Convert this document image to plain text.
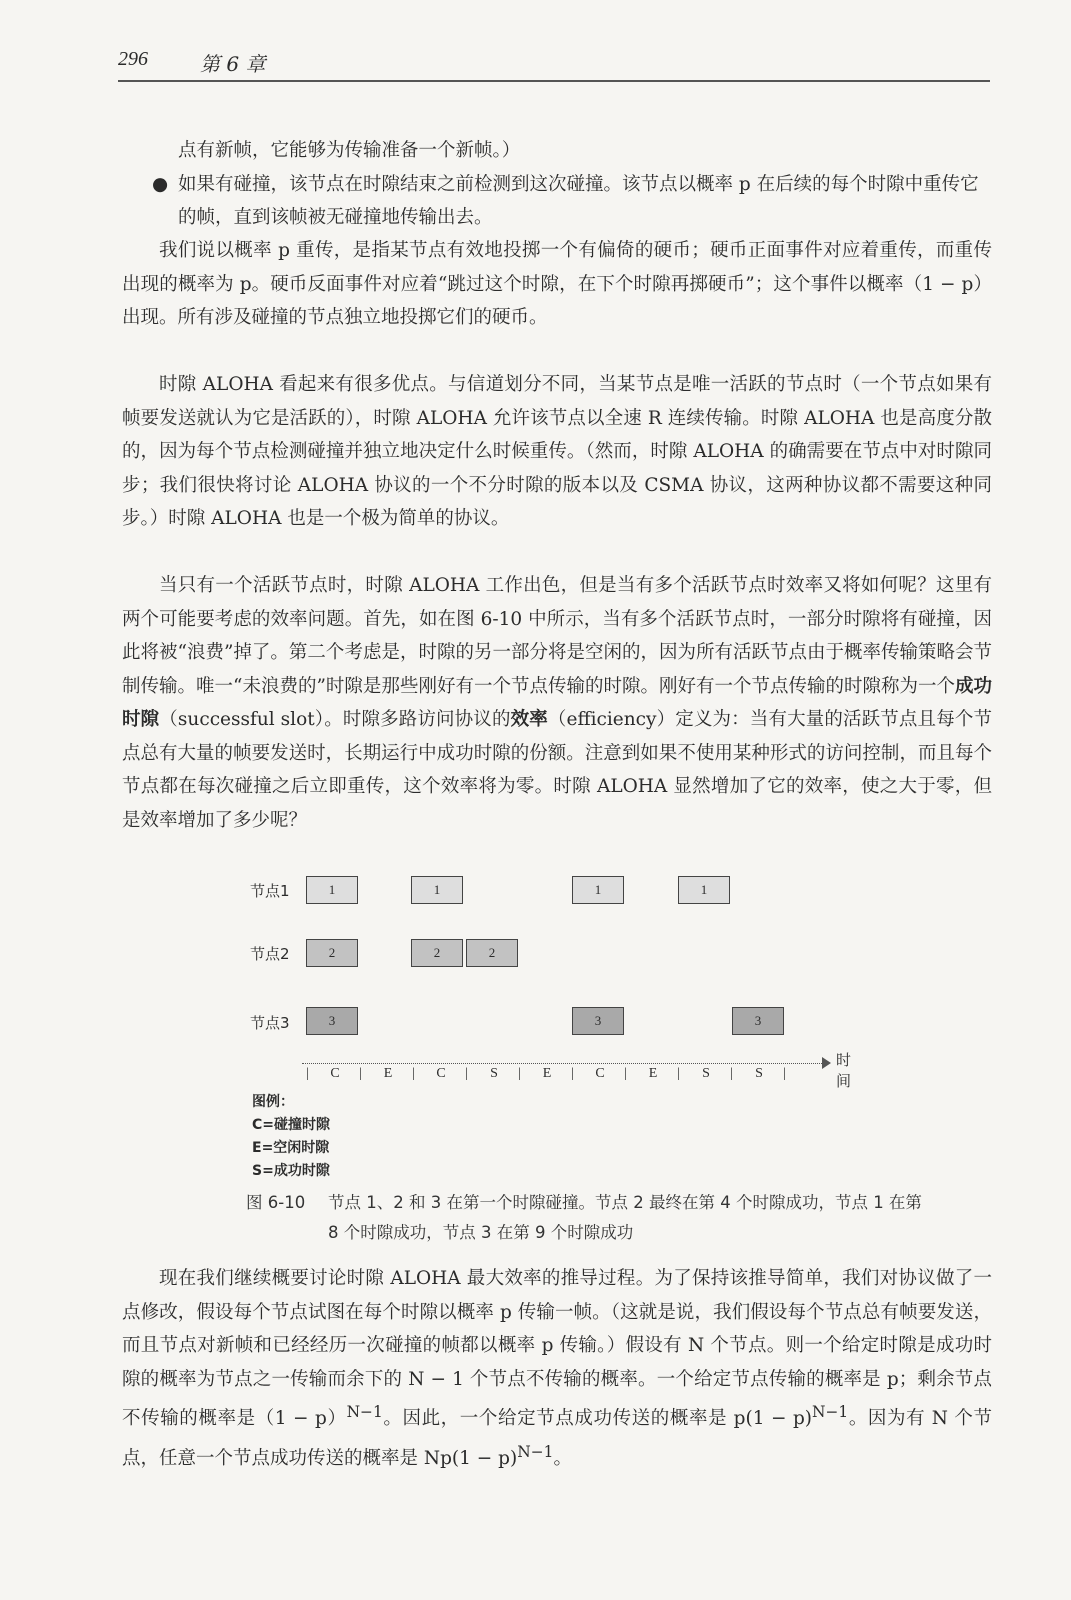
296	第 6 章

点有新帧，它能够为传输准备一个新帧。）

● 如果有碰撞，该节点在时隙结束之前检测到这次碰撞。该节点以概率 p 在后续的每个时隙中重传它的帧，直到该帧被无碰撞地传输出去。

我们说以概率 p 重传，是指某节点有效地投掷一个有偏倚的硬币；硬币正面事件对应着重传，而重传出现的概率为 p。硬币反面事件对应着“跳过这个时隙，在下个时隙再掷硬币”；这个事件以概率（1 − p）出现。所有涉及碰撞的节点独立地投掷它们的硬币。

时隙 ALOHA 看起来有很多优点。与信道划分不同，当某节点是唯一活跃的节点时（一个节点如果有帧要发送就认为它是活跃的），时隙 ALOHA 允许该节点以全速 R 连续传输。时隙 ALOHA 也是高度分散的，因为每个节点检测碰撞并独立地决定什么时候重传。（然而，时隙 ALOHA 的确需要在节点中对时隙同步；我们很快将讨论 ALOHA 协议的一个不分时隙的版本以及 CSMA 协议，这两种协议都不需要这种同步。）时隙 ALOHA 也是一个极为简单的协议。

当只有一个活跃节点时，时隙 ALOHA 工作出色，但是当有多个活跃节点时效率又将如何呢？这里有两个可能要考虑的效率问题。首先，如在图 6-10 中所示，当有多个活跃节点时，一部分时隙将有碰撞，因此将被“浪费”掉了。第二个考虑是，时隙的另一部分将是空闲的，因为所有活跃节点由于概率传输策略会节制传输。唯一“未浪费的”时隙是那些刚好有一个节点传输的时隙。刚好有一个节点传输的时隙称为一个成功时隙（successful slot）。时隙多路访问协议的效率（efficiency）定义为：当有大量的活跃节点且每个节点总有大量的帧要发送时，长期运行中成功时隙的份额。注意到如果不使用某种形式的访问控制，而且每个节点都在每次碰撞之后立即重传，这个效率将为零。时隙 ALOHA 显然增加了它的效率，使之大于零，但是效率增加了多少呢？

节点1
节点2
节点3
1	1	1	1
2	2	2
3	3	3
时间
|	|	|	|	|	|	|	|	|	|
C	E	C	S	E	C	E	S	S
图例：
C=碰撞时隙
E=空闲时隙
S=成功时隙
图 6-10 节点 1、2 和 3 在第一个时隙碰撞。节点 2 最终在第 4 个时隙成功，节点 1 在第 8 个时隙成功，节点 3 在第 9 个时隙成功

现在我们继续概要讨论时隙 ALOHA 最大效率的推导过程。为了保持该推导简单，我们对协议做了一点修改，假设每个节点试图在每个时隙以概率 p 传输一帧。（这就是说，我们假设每个节点总有帧要发送，而且节点对新帧和已经经历一次碰撞的帧都以概率 p 传输。）假设有 N 个节点。则一个给定时隙是成功时隙的概率为节点之一传输而余下的 N − 1 个节点不传输的概率。一个给定节点传输的概率是 p；剩余节点不传输的概率是$(1 - p)^{N-1}$。因此，一个给定节点成功传送的概率是 $p(1 - p)^{N-1}$。因为有 N 个节点，任意一个节点成功传送的概率是 $Np(1 - p)^{N-1}$。
